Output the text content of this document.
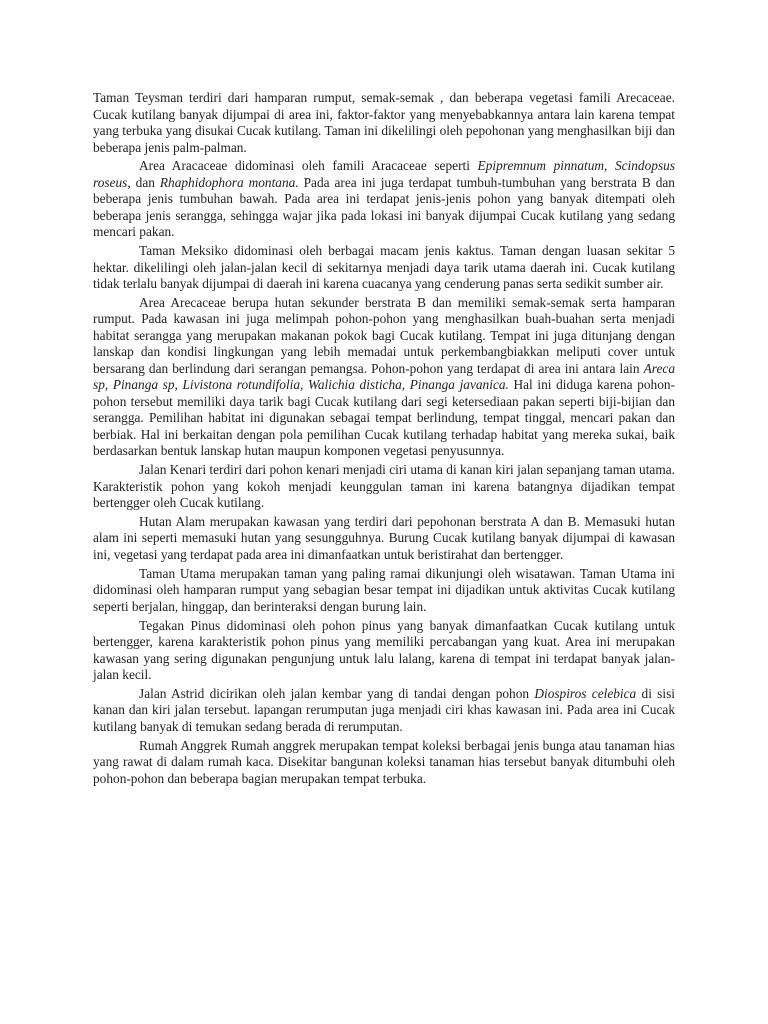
Taman Teysman terdiri dari hamparan rumput, semak-semak , dan beberapa vegetasi famili Arecaceae. Cucak kutilang banyak dijumpai di area ini, faktor-faktor yang menyebabkannya antara lain karena tempat yang terbuka yang disukai Cucak kutilang. Taman ini dikelilingi oleh pepohonan yang menghasilkan biji dan beberapa jenis palm-palman.

Area Aracaceae didominasi oleh famili Aracaceae seperti Epipremnum pinnatum, Scindopsus roseus, dan Rhaphidophora montana. Pada area ini juga terdapat tumbuh-tumbuhan yang berstrata B dan beberapa jenis tumbuhan bawah. Pada area ini terdapat jenis-jenis pohon yang banyak ditempati oleh beberapa jenis serangga, sehingga wajar jika pada lokasi ini banyak dijumpai Cucak kutilang yang sedang mencari pakan.

Taman Meksiko didominasi oleh berbagai macam jenis kaktus. Taman dengan luasan sekitar 5 hektar. dikelilingi oleh jalan-jalan kecil di sekitarnya menjadi daya tarik utama daerah ini. Cucak kutilang tidak terlalu banyak dijumpai di daerah ini karena cuacanya yang cenderung panas serta sedikit sumber air.

Area Arecaceae berupa hutan sekunder berstrata B dan memiliki semak-semak serta hamparan rumput. Pada kawasan ini juga melimpah pohon-pohon yang menghasilkan buah-buahan serta menjadi habitat serangga yang merupakan makanan pokok bagi Cucak kutilang. Tempat ini juga ditunjang dengan lanskap dan kondisi lingkungan yang lebih memadai untuk perkembangbiakkan meliputi cover untuk bersarang dan berlindung dari serangan pemangsa. Pohon-pohon yang terdapat di area ini antara lain Areca sp, Pinanga sp, Livistona rotundifolia, Walichia disticha, Pinanga javanica. Hal ini diduga karena pohon-pohon tersebut memiliki daya tarik bagi Cucak kutilang dari segi ketersediaan pakan seperti biji-bijian dan serangga. Pemilihan habitat ini digunakan sebagai tempat berlindung, tempat tinggal, mencari pakan dan berbiak. Hal ini berkaitan dengan pola pemilihan Cucak kutilang terhadap habitat yang mereka sukai, baik berdasarkan bentuk lanskap hutan maupun komponen vegetasi penyusunnya.

Jalan Kenari terdiri dari pohon kenari menjadi ciri utama di kanan kiri jalan sepanjang taman utama. Karakteristik pohon yang kokoh menjadi keunggulan taman ini karena batangnya dijadikan tempat bertengger oleh Cucak kutilang.

Hutan Alam merupakan kawasan yang terdiri dari pepohonan berstrata A dan B. Memasuki hutan alam ini seperti memasuki hutan yang sesungguhnya. Burung Cucak kutilang banyak dijumpai di kawasan ini, vegetasi yang terdapat pada area ini dimanfaatkan untuk beristirahat dan bertengger.

Taman Utama merupakan taman yang paling ramai dikunjungi oleh wisatawan. Taman Utama ini didominasi oleh hamparan rumput yang sebagian besar tempat ini dijadikan untuk aktivitas Cucak kutilang seperti berjalan, hinggap, dan berinteraksi dengan burung lain.

Tegakan Pinus didominasi oleh pohon pinus yang banyak dimanfaatkan Cucak kutilang untuk bertengger, karena karakteristik pohon pinus yang memiliki percabangan yang kuat. Area ini merupakan kawasan yang sering digunakan pengunjung untuk lalu lalang, karena di tempat ini terdapat banyak jalan-jalan kecil.

Jalan Astrid dicirikan oleh jalan kembar yang di tandai dengan pohon Diospiros celebica di sisi kanan dan kiri jalan tersebut. lapangan rerumputan juga menjadi ciri khas kawasan ini. Pada area ini Cucak kutilang banyak di temukan sedang berada di rerumputan.

Rumah Anggrek Rumah anggrek merupakan tempat koleksi berbagai jenis bunga atau tanaman hias yang rawat di dalam rumah kaca. Disekitar bangunan koleksi tanaman hias tersebut banyak ditumbuhi oleh pohon-pohon dan beberapa bagian merupakan tempat terbuka.
